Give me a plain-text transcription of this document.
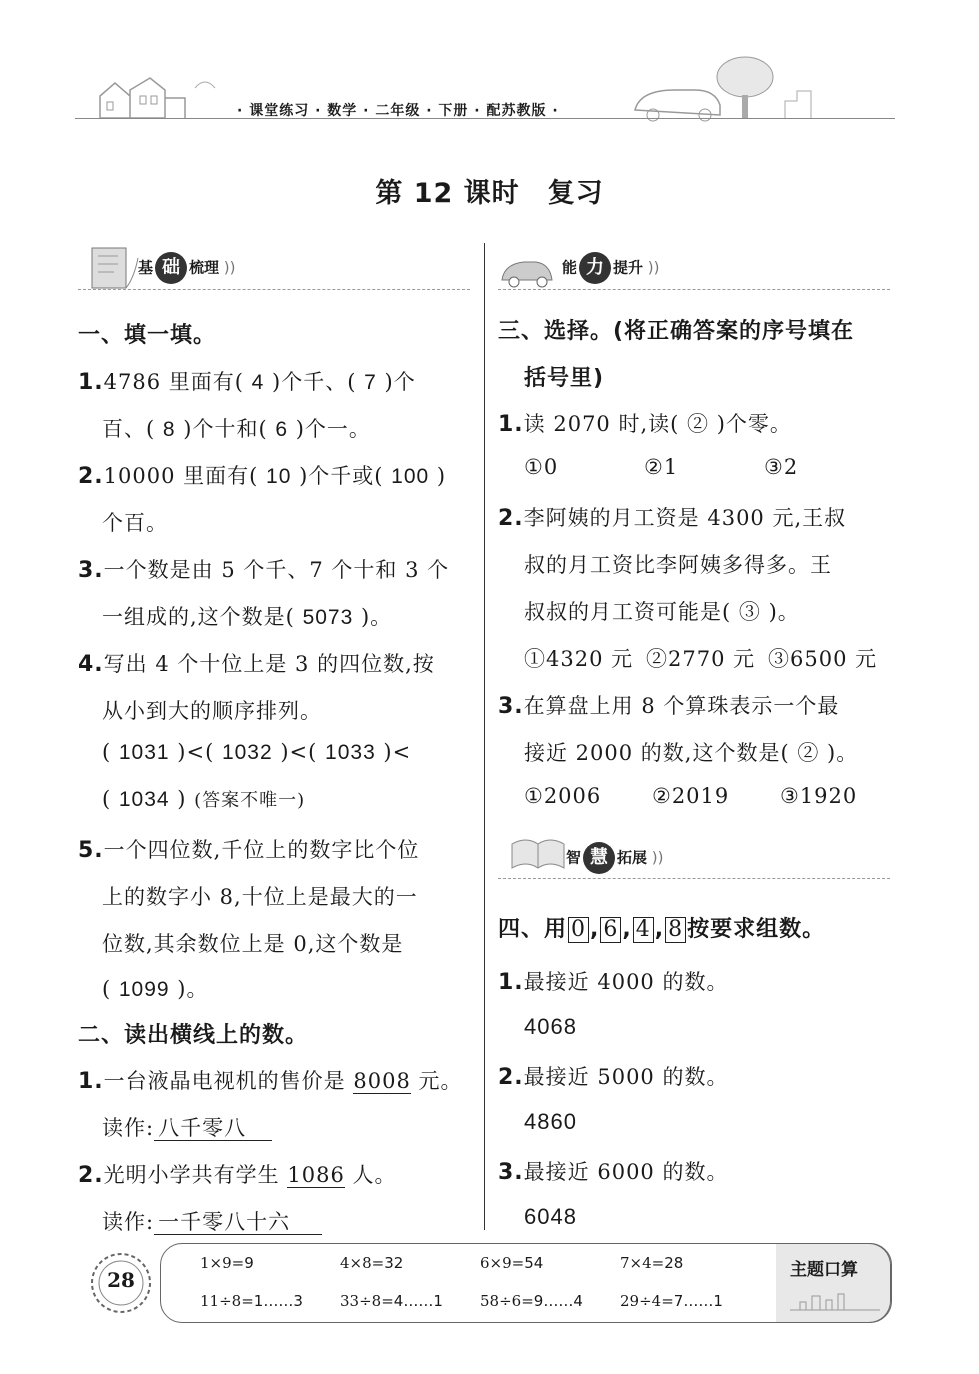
· 课堂练习 · 数学 · 二年级 · 下册 · 配苏教版 ·
第 12 课时　复习
基 础 梳理 ))
一、填一填。
1.4786 里面有( 4 )个千、( 7 )个
百、( 8 )个十和( 6 )个一。
2.10000 里面有( 10 )个千或( 100 )
个百。
3.一个数是由 5 个千、7 个十和 3 个
一组成的,这个数是( 5073 )。
4.写出 4 个十位上是 3 的四位数,按
从小到大的顺序排列。
( 1031 )<( 1032 )<( 1033 )<
( 1034 ) (答案不唯一)
5.一个四位数,千位上的数字比个位
上的数字小 8,十位上是最大的一
位数,其余数位上是 0,这个数是
( 1099 )。
二、读出横线上的数。
1.一台液晶电视机的售价是 8008 元。
读作: 八千零八
2.光明小学共有学生 1086 人。
读作: 一千零八十六
能 力 提升 ))
三、选择。(将正确答案的序号填在
括号里)
1.读 2070 时,读( ② )个零。
①0	②1	③2
2.李阿姨的月工资是 4300 元,王叔
叔的月工资比李阿姨多得多。王
叔叔的月工资可能是( ③ )。
①4320 元 ②2770 元 ③6500 元
3.在算盘上用 8 个算珠表示一个最
接近 2000 的数,这个数是( ② )。
①2006 ②2019 ③1920
智 慧 拓展 ))
四、用 0 , 6 , 4 , 8 按要求组数。
1.最接近 4000 的数。
4068
2.最接近 5000 的数。
4860
3.最接近 6000 的数。
6048
28	主题口算
1×9=9	4×8=32	6×9=54	7×4=28
11÷8=1……3 33÷8=4……1 58÷6=9……4 29÷4=7……1
